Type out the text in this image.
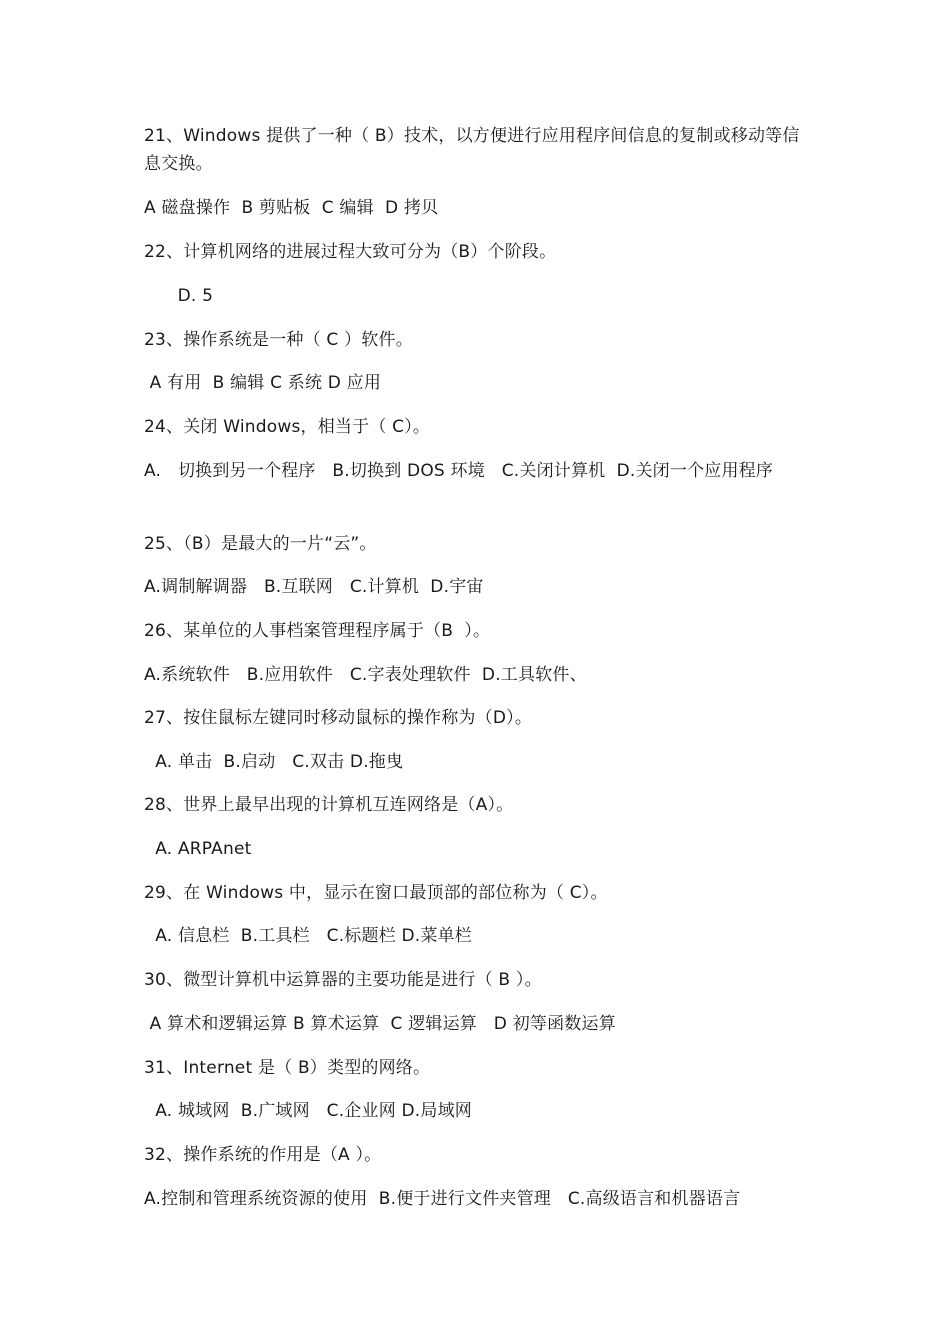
21、Windows 提供了一种（ B）技术，以方便进行应用程序间信息的复制或移动等信息交换。
A 磁盘操作  B 剪贴板  C 编辑  D 拷贝
22、计算机网络的进展过程大致可分为（B）个阶段。
D. 5
23、操作系统是一种（ C ）软件。
A 有用  B 编辑 C 系统 D 应用
24、关闭 Windows，相当于（ C）。
A.   切换到另一个程序   B.切换到 DOS 环境   C.关闭计算机  D.关闭一个应用程序
25、（B）是最大的一片“云”。
A.调制解调器   B.互联网   C.计算机  D.宇宙
26、某单位的人事档案管理程序属于（B  ）。
A.系统软件   B.应用软件   C.字表处理软件  D.工具软件、
27、按住鼠标左键同时移动鼠标的操作称为（D）。
A. 单击  B.启动   C.双击 D.拖曳
28、世界上最早出现的计算机互连网络是（A）。
A. ARPAnet
29、在 Windows 中，显示在窗口最顶部的部位称为（ C）。
A. 信息栏  B.工具栏   C.标题栏 D.菜单栏
30、微型计算机中运算器的主要功能是进行（ B ）。
A 算术和逻辑运算 B 算术运算  C 逻辑运算   D 初等函数运算
31、Internet 是（ B）类型的网络。
A. 城域网  B.广域网   C.企业网 D.局域网
32、操作系统的作用是（A ）。
A.控制和管理系统资源的使用  B.便于进行文件夹管理   C.高级语言和机器语言
